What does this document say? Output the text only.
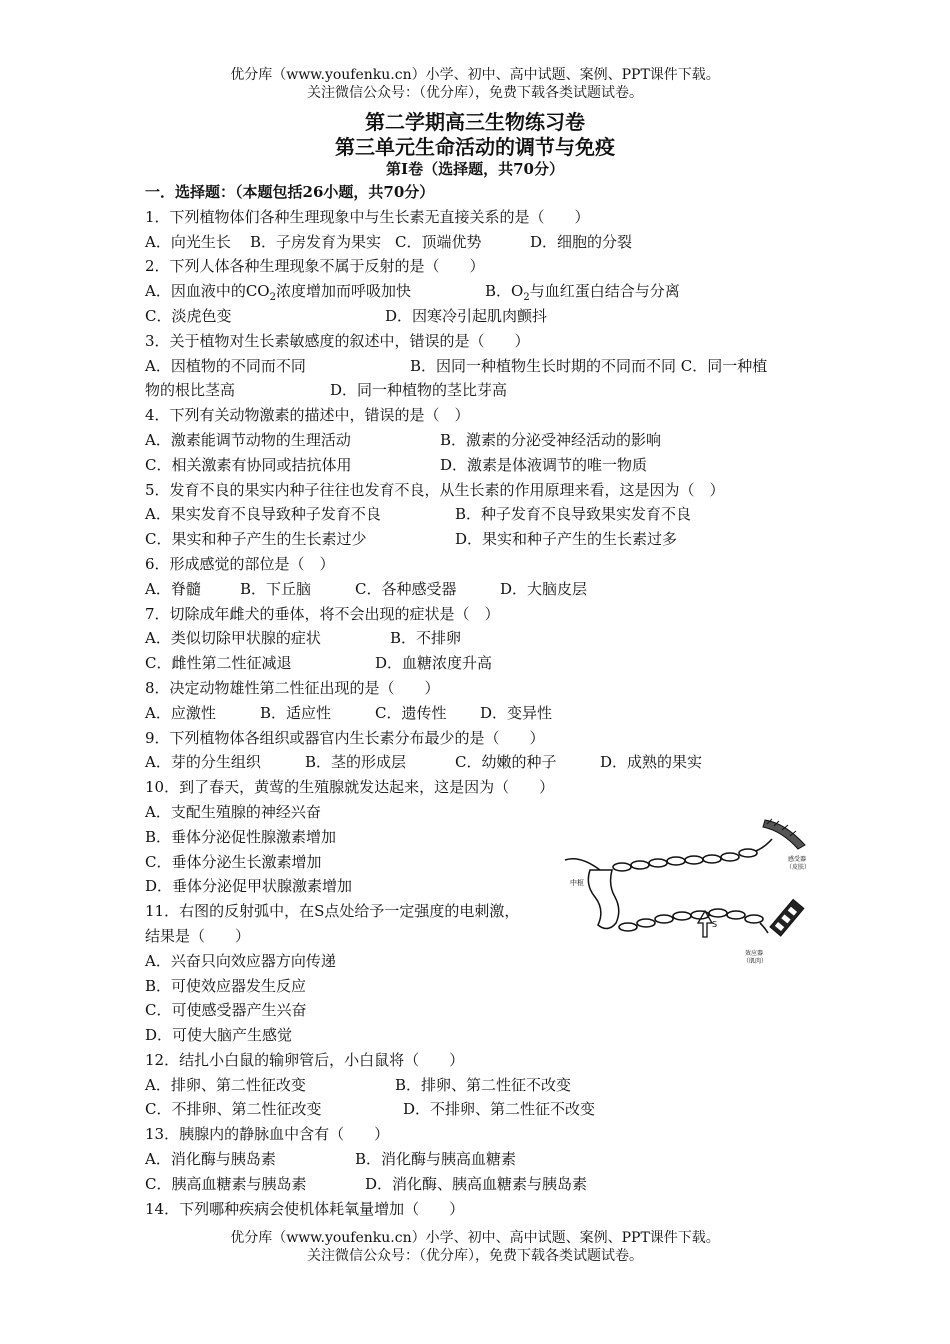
优分库（www.youfenku.cn）小学、初中、高中试题、案例、PPT课件下载。
关注微信公众号：（优分库），免费下载各类试题试卷。
第二学期高三生物练习卷
第三单元生命活动的调节与免疫
第Ⅰ卷（选择题，共70分）
一．选择题：（本题包括26小题，共70分）
1．下列植物体们各种生理现象中与生长素无直接关系的是（　　）
A．向光生长 B．子房发育为果实 C．顶端优势	D．细胞的分裂
2．下列人体各种生理现象不属于反射的是（　　）
A．因血液中的$CO_2$浓度增加而呼吸加快	B．$O_2$与血红蛋白结合与分离
C．淡虎色变	D．因寒冷引起肌肉颤抖
3．关于植物对生长素敏感度的叙述中，错误的是（　　）
A．因植物的不同而不同	B．因同一种植物生长时期的不同而不同 C．同一种植
物的根比茎高	D．同一种植物的茎比芽高
4．下列有关动物激素的描述中，错误的是（　）
A．激素能调节动物的生理活动	B．激素的分泌受神经活动的影响
C．相关激素有协同或拮抗体用	D．激素是体液调节的唯一物质
5．发育不良的果实内种子往往也发育不良，从生长素的作用原理来看，这是因为（　）
A．果实发育不良导致种子发育不良	B．种子发育不良导致果实发育不良
C．果实和种子产生的生长素过少	D．果实和种子产生的生长素过多
6．形成感觉的部位是（　）
A．脊髓	B．下丘脑	C．各种感受器	D．大脑皮层
7．切除成年雌犬的垂体，将不会出现的症状是（　）
A．类似切除甲状腺的症状	B．不排卵
C．雌性第二性征减退	D．血糖浓度升高
8．决定动物雄性第二性征出现的是（　　）
A．应激性	B．适应性	C．遗传性 D．变异性
9．下列植物体各组织或器官内生长素分布最少的是（　　）
A．芽的分生组织	B．茎的形成层	C．幼嫩的种子	D．成熟的果实
10．到了春天，黄莺的生殖腺就发达起来，这是因为（　　）
A．支配生殖腺的神经兴奋
B．垂体分泌促性腺激素增加
C．垂体分泌生长激素增加
D．垂体分泌促甲状腺激素增加
11．右图的反射弧中，在S点处给予一定强度的电刺激，
结果是（　　）
A．兴奋只向效应器方向传递
B．可使效应器发生反应
C．可使感受器产生兴奋
D．可使大脑产生感觉
12．结扎小白鼠的输卵管后，小白鼠将（　　）
A．排卵、第二性征改变	B．排卵、第二性征不改变
C．不排卵、第二性征改变	D．不排卵、第二性征不改变
13．胰腺内的静脉血中含有（　　）
A．消化酶与胰岛素	B．消化酶与胰高血糖素
C．胰高血糖素与胰岛素	D．消化酶、胰高血糖素与胰岛素
14．下列哪种疾病会使机体耗氧量增加（　　）
中枢
S
感受器
（皮肤）
效应器
（肌肉）
优分库（www.youfenku.cn）小学、初中、高中试题、案例、PPT课件下载。
关注微信公众号：（优分库），免费下载各类试题试卷。
